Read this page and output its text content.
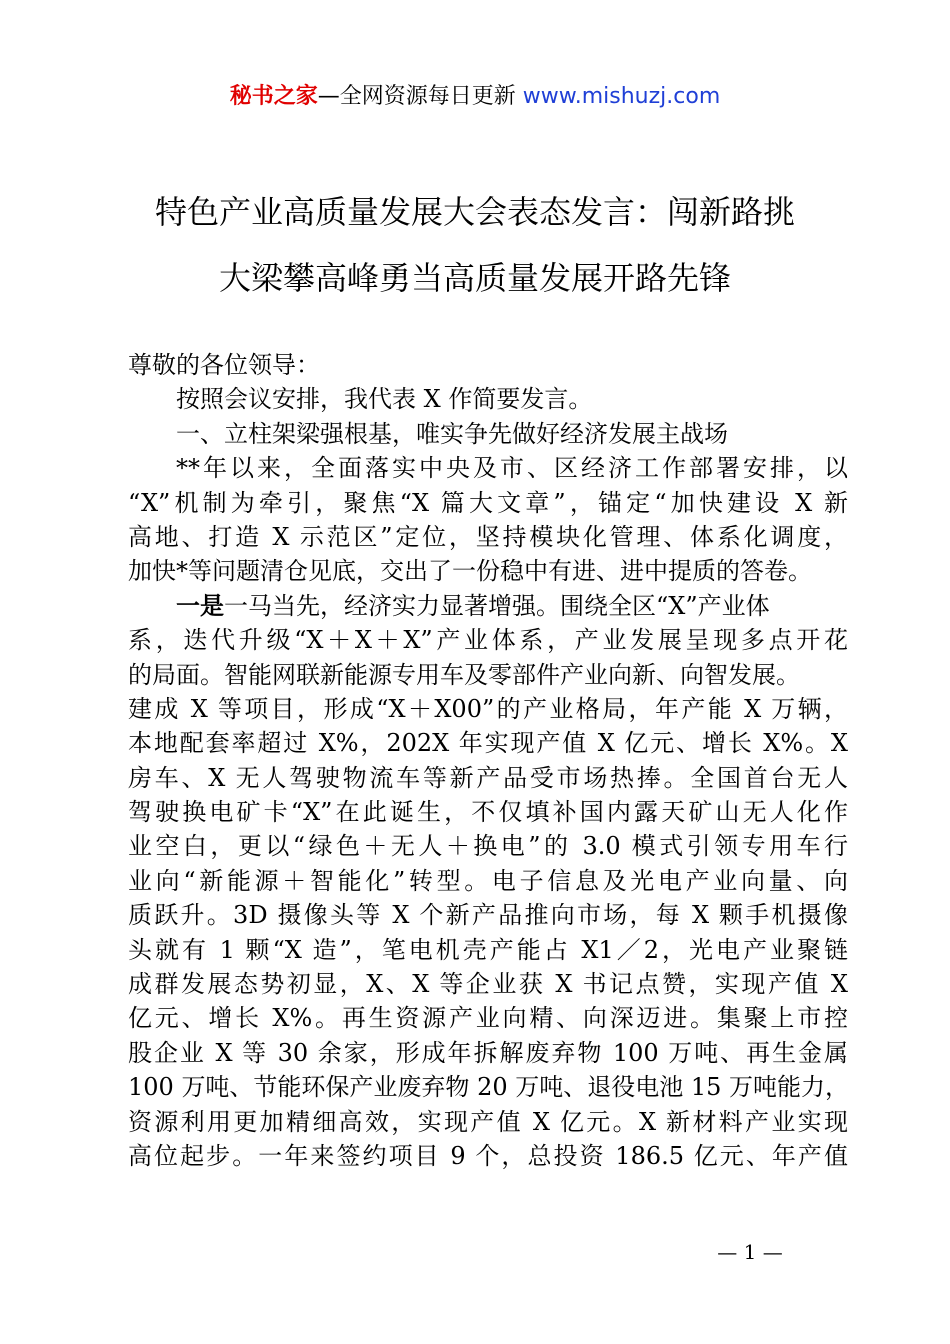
秘书之家—全网资源每日更新 www.mishuzj.com
特色产业高质量发展大会表态发言：闯新路挑
大梁攀高峰勇当高质量发展开路先锋
尊敬的各位领导：
按照会议安排，我代表 X 作简要发言。
一、立柱架梁强根基，唯实争先做好经济发展主战场
**年以来，全面落实中央及市、区经济工作部署安排，以
“X”机制为牵引，聚焦“X 篇大文章”，锚定“加快建设 X 新
高地、打造 X 示范区”定位，坚持模块化管理、体系化调度，
加快*等问题清仓见底，交出了一份稳中有进、进中提质的答卷。
一是一马当先，经济实力显著增强。围绕全区“X”产业体
系，迭代升级“X＋X＋X”产业体系，产业发展呈现多点开花
的局面。智能网联新能源专用车及零部件产业向新、向智发展。
建成 X 等项目，形成“X＋X00”的产业格局，年产能 X 万辆，
本地配套率超过 X%，202X 年实现产值 X 亿元、增长 X%。X
房车、X 无人驾驶物流车等新产品受市场热捧。全国首台无人
驾驶换电矿卡“X”在此诞生，不仅填补国内露天矿山无人化作
业空白，更以“绿色＋无人＋换电”的 3.0 模式引领专用车行
业向“新能源＋智能化”转型。电子信息及光电产业向量、向
质跃升。3D 摄像头等 X 个新产品推向市场，每 X 颗手机摄像
头就有 1 颗“X 造”，笔电机壳产能占 X1／2，光电产业聚链
成群发展态势初显，X、X 等企业获 X 书记点赞，实现产值 X
亿元、增长 X%。再生资源产业向精、向深迈进。集聚上市控
股企业 X 等 30 余家，形成年拆解废弃物 100 万吨、再生金属
100 万吨、节能环保产业废弃物 20 万吨、退役电池 15 万吨能力，
资源利用更加精细高效，实现产值 X 亿元。X 新材料产业实现
高位起步。一年来签约项目 9 个，总投资 186.5 亿元、年产值
— 1 —
